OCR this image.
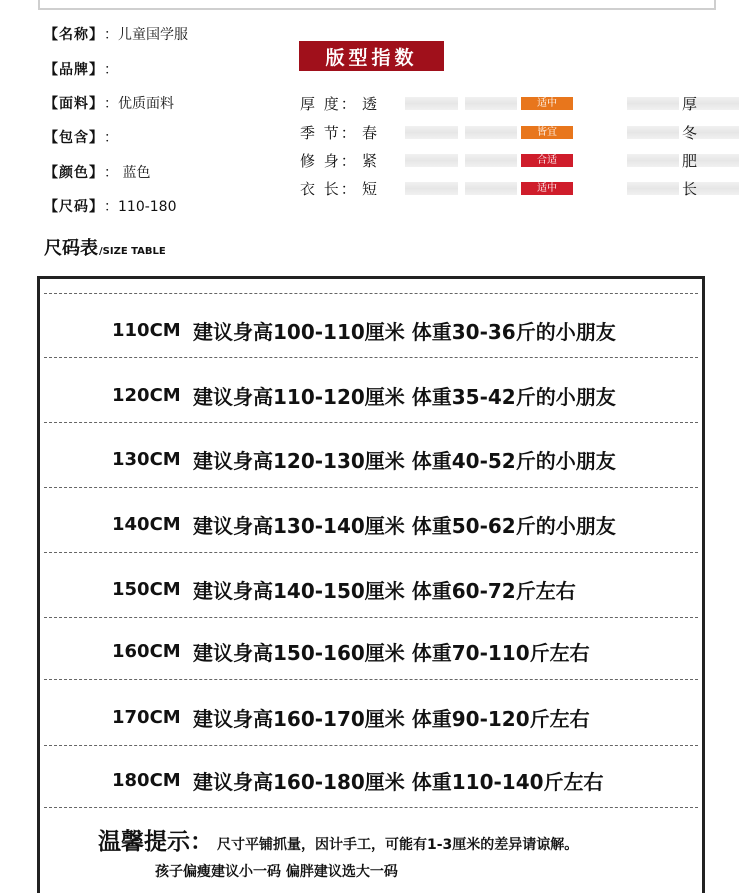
【名称】 ：儿童国学服
【品牌】 ：
【面料】 ：优质面料
【包含】 ：
【颜色】 ： 蓝色
【尺码】 ：110-180
版型指数
厚 度： 透	适中	厚
季 节： 春	皆宜	冬
修 身： 紧	合适	肥
衣 长： 短	适中	长
尺码表 /SIZE TABLE
110CM 建议身高100-110厘米 体重30-36斤的小朋友
120CM 建议身高110-120厘米 体重35-42斤的小朋友
130CM 建议身高120-130厘米 体重40-52斤的小朋友
140CM 建议身高130-140厘米 体重50-62斤的小朋友
150CM 建议身高140-150厘米 体重60-72斤左右
160CM 建议身高150-160厘米 体重70-110斤左右
170CM 建议身高160-170厘米 体重90-120斤左右
180CM 建议身高160-180厘米 体重110-140斤左右
温馨提示： 尺寸平铺抓量，因计手工，可能有1-3厘米的差异请谅解。
孩子偏瘦建议小一码 偏胖建议选大一码
